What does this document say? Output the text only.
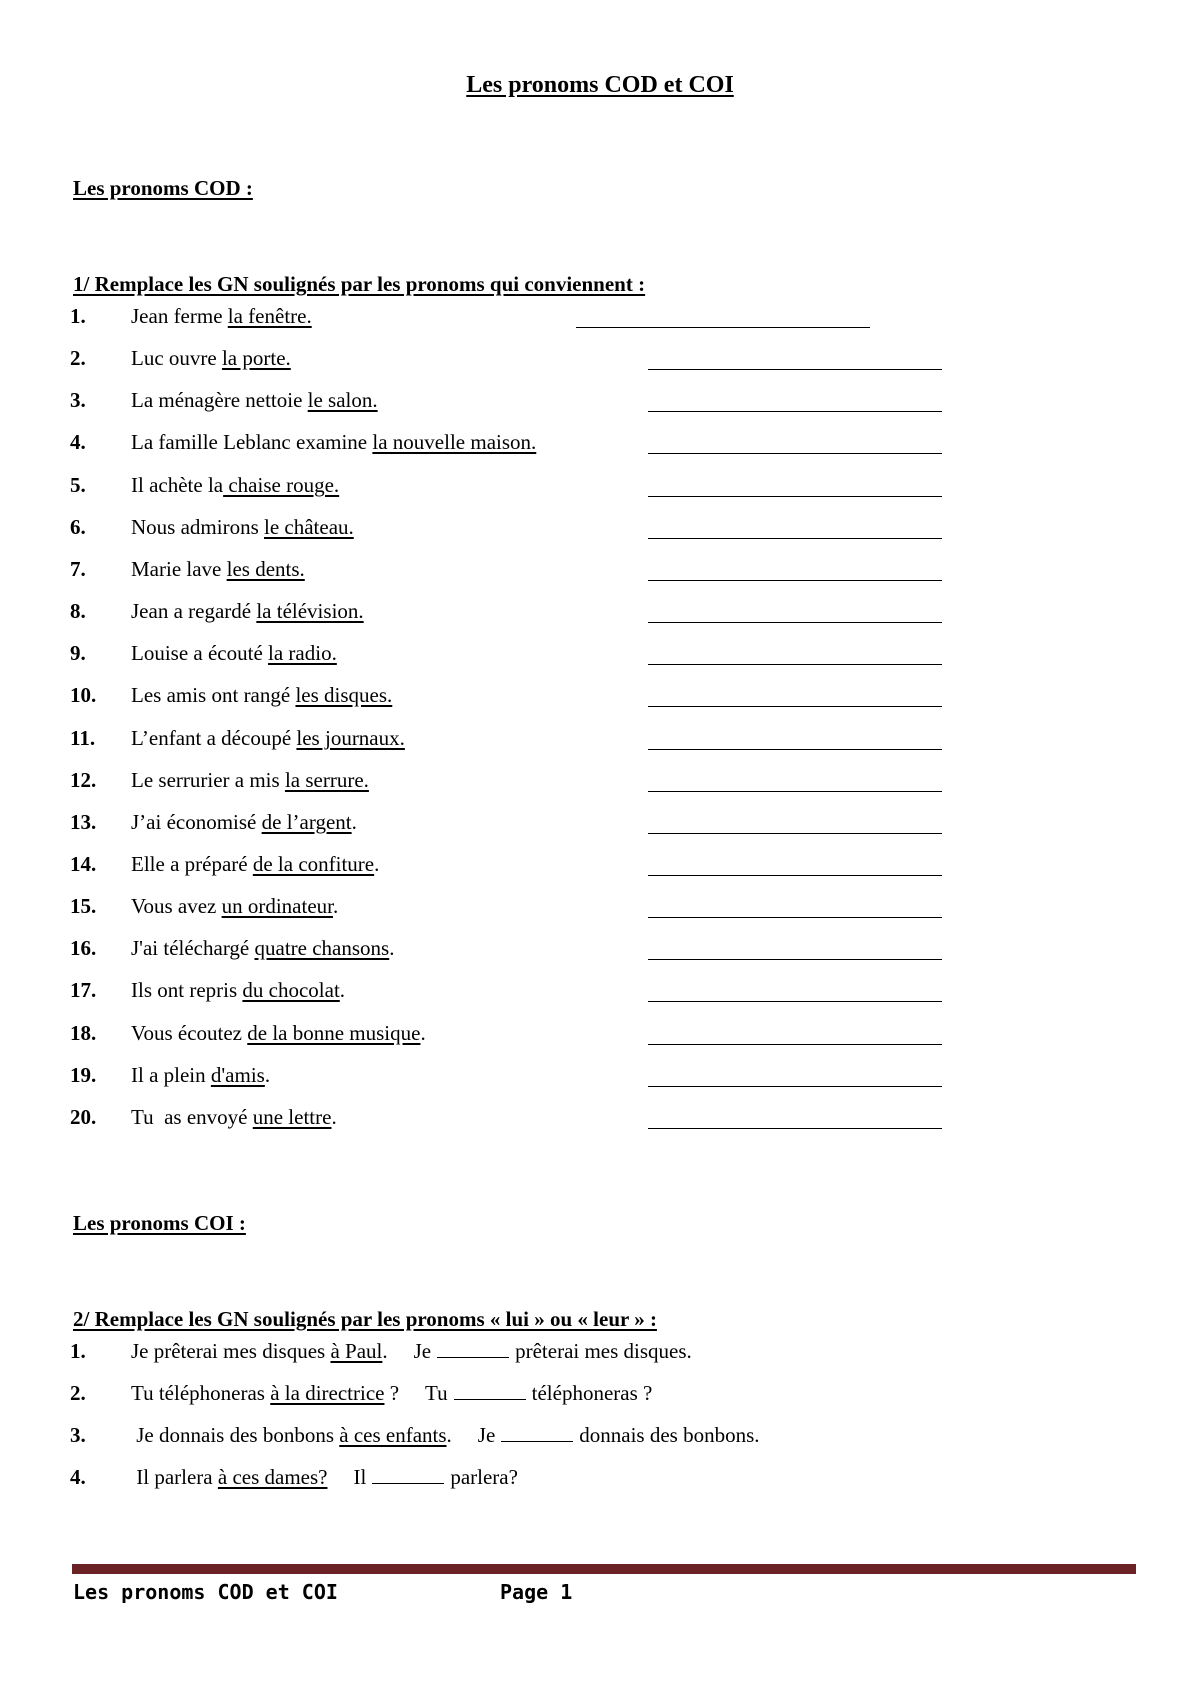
Les pronoms COD et COI
Les pronoms COD :
1/ Remplace les GN soulignés par les pronoms qui conviennent :
1. Jean ferme la fenêtre.
2. Luc ouvre la porte.
3. La ménagère nettoie le salon.
4. La famille Leblanc examine la nouvelle maison.
5. Il achète la chaise rouge.
6. Nous admirons le château.
7. Marie lave les dents.
8. Jean a regardé la télévision.
9. Louise a écouté la radio.
10. Les amis ont rangé les disques.
11. L’enfant a découpé les journaux.
12. Le serrurier a mis la serrure.
13. J’ai économisé de l’argent.
14. Elle a préparé de la confiture.
15. Vous avez un ordinateur.
16. J'ai téléchargé quatre chansons.
17. Ils ont repris du chocolat.
18. Vous écoutez de la bonne musique.
19. Il a plein d'amis.
20. Tu  as envoyé une lettre.
Les pronoms COI :
2/ Remplace les GN soulignés par les pronoms « lui » ou « leur » :
1. Je prêterai mes disques à Paul. Je	prêterai mes disques.
2. Tu téléphoneras à la directrice ? Tu	téléphoneras ?
3. Je donnais des bonbons à ces enfants. Je	donnais des bonbons.
4. Il parlera à ces dames? Il	parlera?
Les pronoms COD et COI	Page 1
